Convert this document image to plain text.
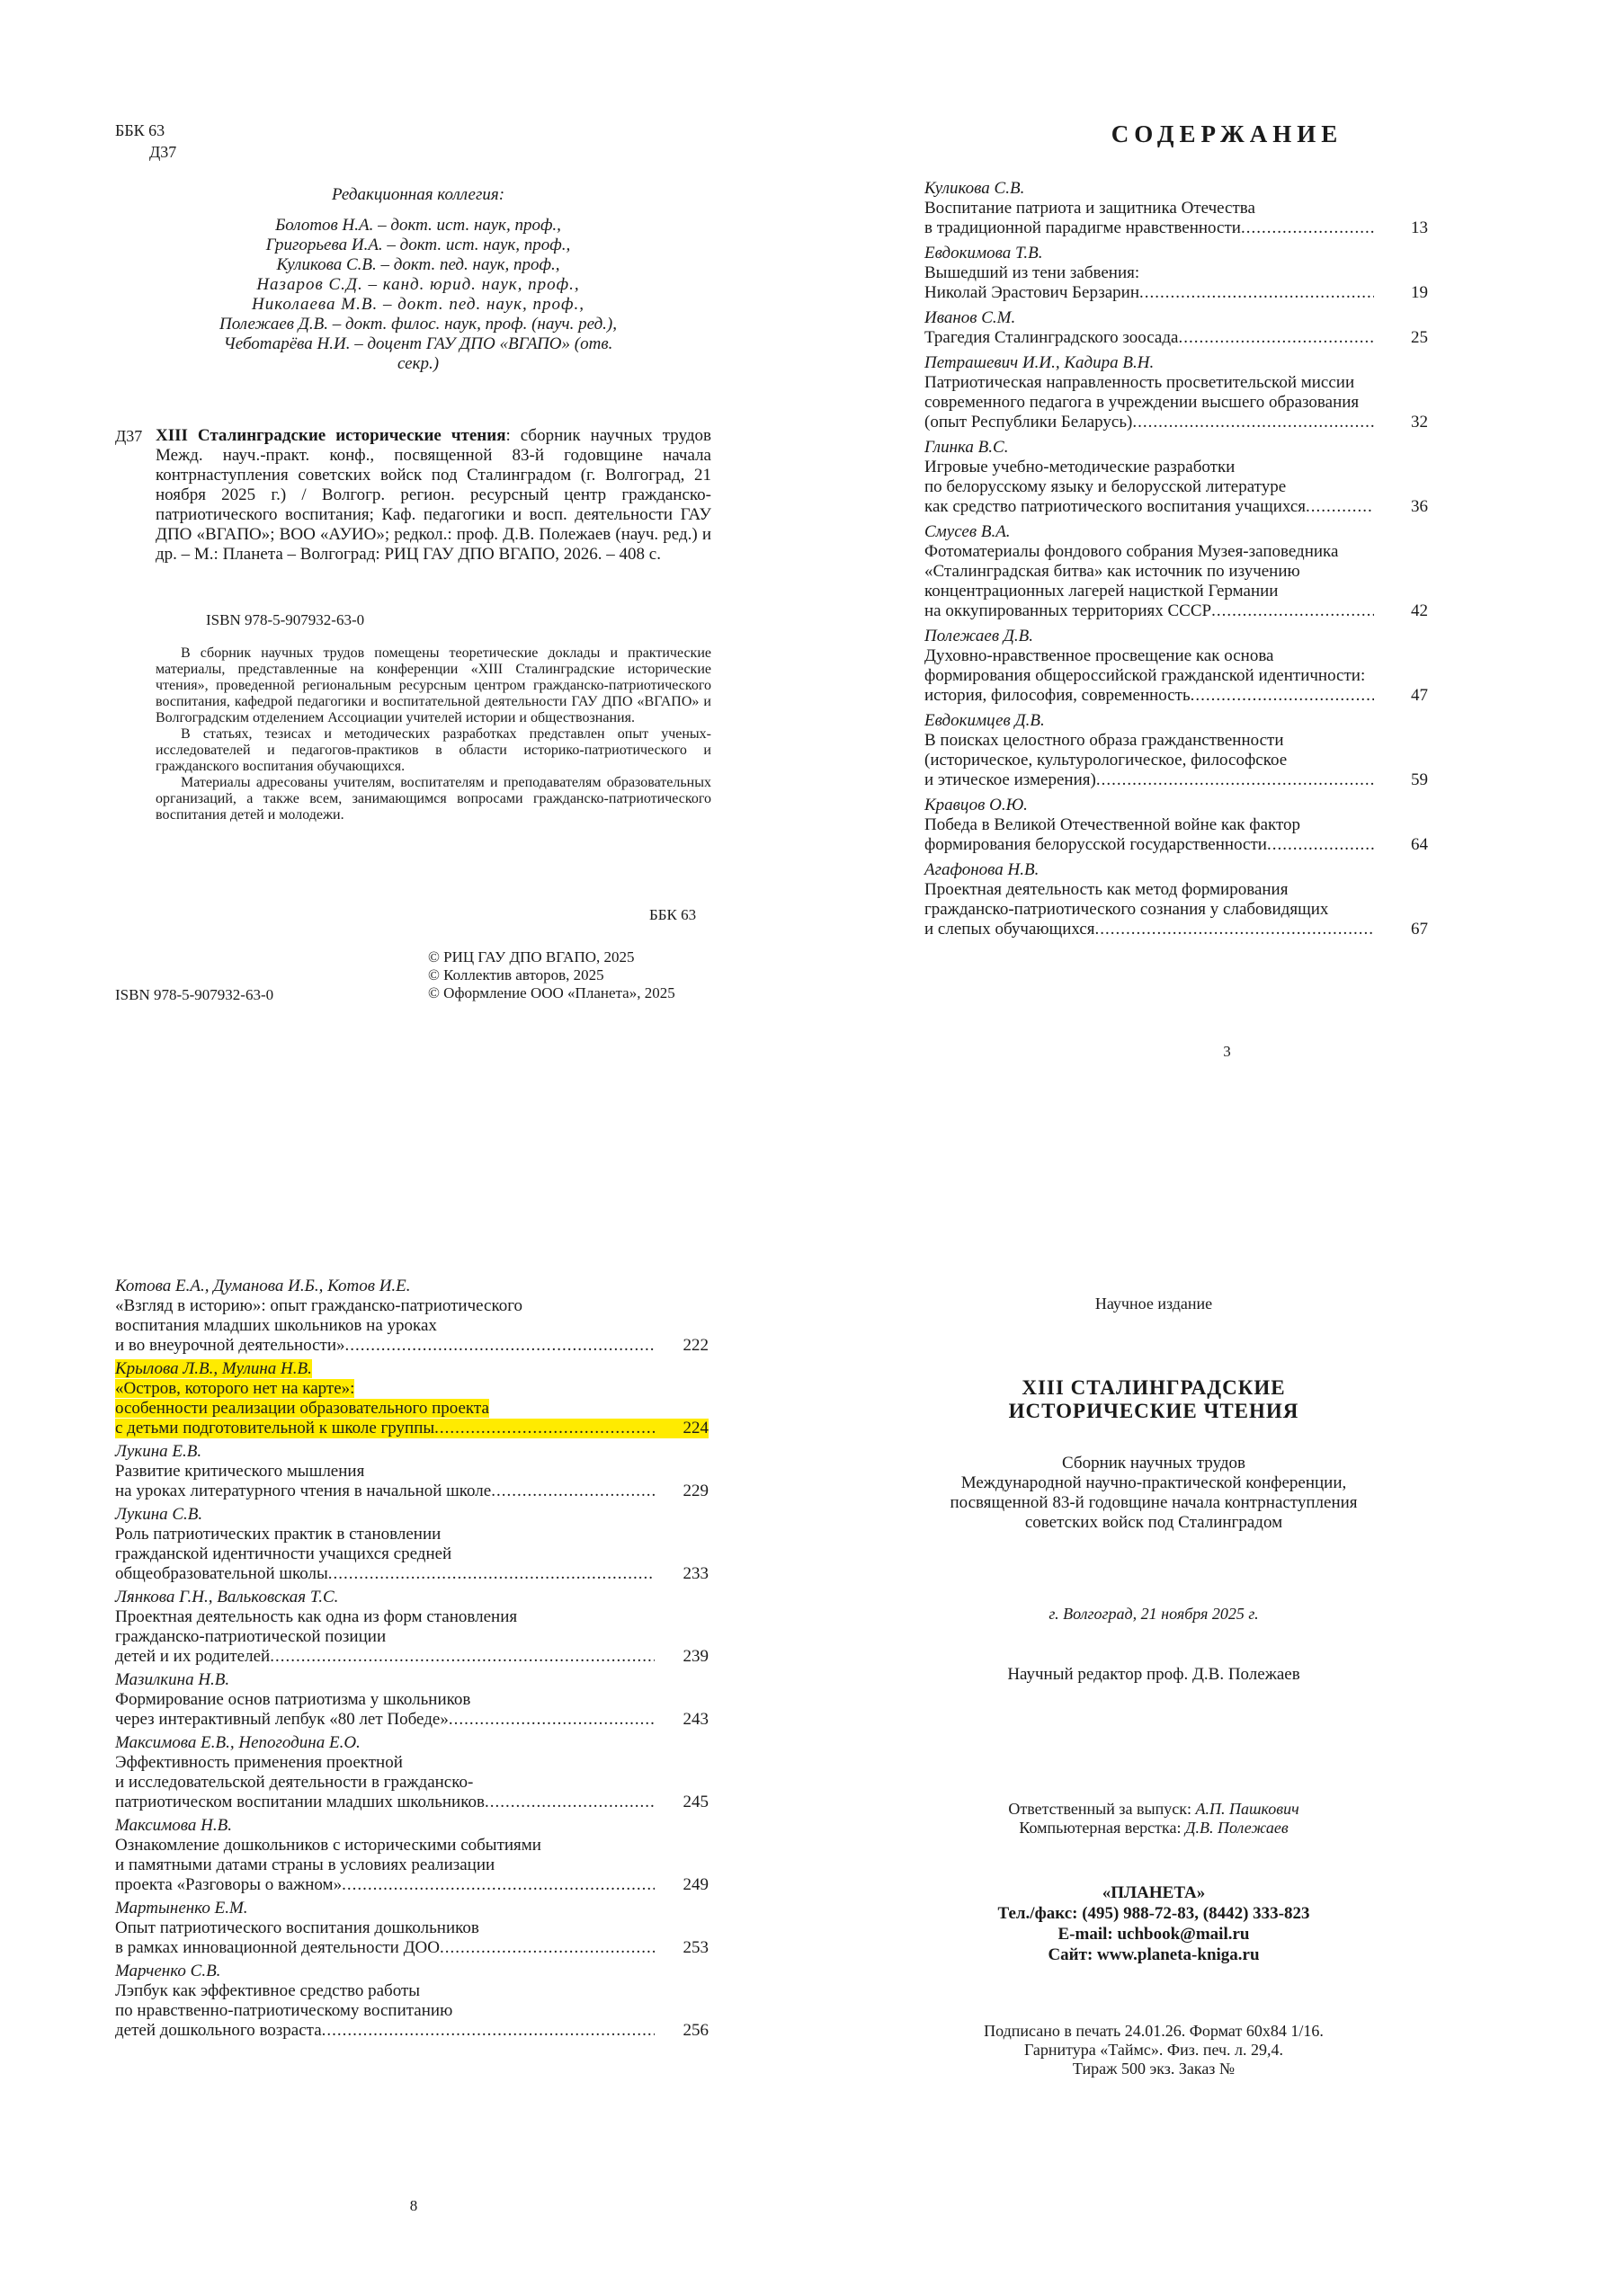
ББК 63
Д37
Редакционная коллегия:
Болотов Н.А. – докт. ист. наук, проф.,
Григорьева И.А. – докт. ист. наук, проф.,
Куликова С.В. – докт. пед. наук, проф.,
Назаров С.Д. – канд. юрид. наук, проф.,
Николаева М.В. – докт. пед. наук, проф.,
Полежаев Д.В. – докт. филос. наук, проф. (науч. ред.),
Чеботарёва Н.И. – доцент ГАУ ДПО «ВГАПО» (отв. секр.)
Д37 XIII Сталинградские исторические чтения: сборник научных трудов Межд. науч.-практ. конф., посвященной 83-й годовщине начала контрнаступления советских войск под Сталинградом (г. Волгоград, 21 ноября 2025 г.) / Волгогр. регион. ресурсный центр гражданско-патриотического воспитания; Каф. педагогики и восп. деятельности ГАУ ДПО «ВГАПО»; ВОО «АУИО»; редкол.: проф. Д.В. Полежаев (науч. ред.) и др. – М.: Планета – Волгоград: РИЦ ГАУ ДПО ВГАПО, 2026. – 408 с.
ISBN 978-5-907932-63-0

В сборник научных трудов помещены теоретические доклады и практические материалы, представленные на конференции «XIII Сталинградские исторические чтения», проведенной региональным ресурсным центром гражданско-патриотического воспитания, кафедрой педагогики и воспитательной деятельности ГАУ ДПО «ВГАПО» и Волгоградским отделением Ассоциации учителей истории и обществознания.

В статьях, тезисах и методических разработках представлен опыт ученых-исследователей и педагогов-практиков в области историко-патриотического и гражданского воспитания обучающихся.

Материалы адресованы учителям, воспитателям и преподавателям образовательных организаций, а также всем, занимающимся вопросами гражданско-патриотического воспитания детей и молодежи.

ББК 63
© РИЦ ГАУ ДПО ВГАПО, 2025
© Коллектив авторов, 2025
© Оформление ООО «Планета», 2025
ISBN 978-5-907932-63-0
СОДЕРЖАНИЕ
Куликова С.В.
Воспитание патриота и защитника Отечества
в традиционной парадигме нравственности .....	13
Евдокимова Т.В.
Вышедший из тени забвения:
Николай Эрастович Берзарин .....	19
Иванов С.М.
Трагедия Сталинградского зоосада .....	25
Петрашевич И.И., Кадира В.Н.
Патриотическая направленность просветительской миссии
современного педагога в учреждении высшего образования
(опыт Республики Беларусь) .....	32
Глинка В.С.
Игровые учебно-методические разработки
по белорусскому языку и белорусской литературе
как средство патриотического воспитания учащихся .....	36
Смусев В.А.
Фотоматериалы фондового собрания Музея-заповедника
«Сталинградская битва» как источник по изучению
концентрационных лагерей нацисткой Германии
на оккупированных территориях СССР .....	42
Полежаев Д.В.
Духовно-нравственное просвещение как основа
формирования общероссийской гражданской идентичности:
история, философия, современность .....	47
Евдокимцев Д.В.
В поисках целостного образа гражданственности
(историческое, культурологическое, философское
и этическое измерения) .....	59
Кравцов О.Ю.
Победа в Великой Отечественной войне как фактор
формирования белорусской государственности .....	64
Агафонова Н.В.
Проектная деятельность как метод формирования
гражданско-патриотического сознания у слабовидящих
и слепых обучающихся .....	67
3
Котова Е.А., Думанова И.Б., Котов И.Е.
«Взгляд в историю»: опыт гражданско-патриотического
воспитания младших школьников на уроках
и во внеурочной деятельности» .....	222
Крылова Л.В., Мулина Н.В.
«Остров, которого нет на карте»:
особенности реализации образовательного проекта
с детьми подготовительной к школе группы .....	224
Лукина Е.В.
Развитие критического мышления
на уроках литературного чтения в начальной школе .....	229
Лукина С.В.
Роль патриотических практик в становлении
гражданской идентичности учащихся средней
общеобразовательной школы .....	233
Лянкова Г.Н., Вальковская Т.С.
Проектная деятельность как одна из форм становления
гражданско-патриотической позиции
детей и их родителей .....	239
Мазилкина Н.В.
Формирование основ патриотизма у школьников
через интерактивный лепбук «80 лет Победе» .....	243
Максимова Е.В., Непогодина Е.О.
Эффективность применения проектной
и исследовательской деятельности в гражданско-
патриотическом воспитании младших школьников .....	245
Максимова Н.В.
Ознакомление дошкольников с историческими событиями
и памятными датами страны в условиях реализации
проекта «Разговоры о важном» .....	249
Мартыненко Е.М.
Опыт патриотического воспитания дошкольников
в рамках инновационной деятельности ДОО .....	253
Марченко С.В.
Лэпбук как эффективное средство работы
по нравственно-патриотическому воспитанию
детей дошкольного возраста .....	256
8
Научное издание
XIII СТАЛИНГРАДСКИЕ
ИСТОРИЧЕСКИЕ ЧТЕНИЯ
Сборник научных трудов
Международной научно-практической конференции,
посвященной 83-й годовщине начала контрнаступления
советских войск под Сталинградом
г. Волгоград, 21 ноября 2025 г.
Научный редактор проф. Д.В. Полежаев
Ответственный за выпуск: А.П. Пашкович
Компьютерная верстка: Д.В. Полежаев
«ПЛАНЕТА»
Тел./факс: (495) 988-72-83, (8442) 333-823
E-mail: uchbook@mail.ru
Сайт: www.planeta-kniga.ru
Подписано в печать 24.01.26. Формат 60х84 1/16.
Гарнитура «Таймс». Физ. печ. л. 29,4.
Тираж 500 экз. Заказ №
